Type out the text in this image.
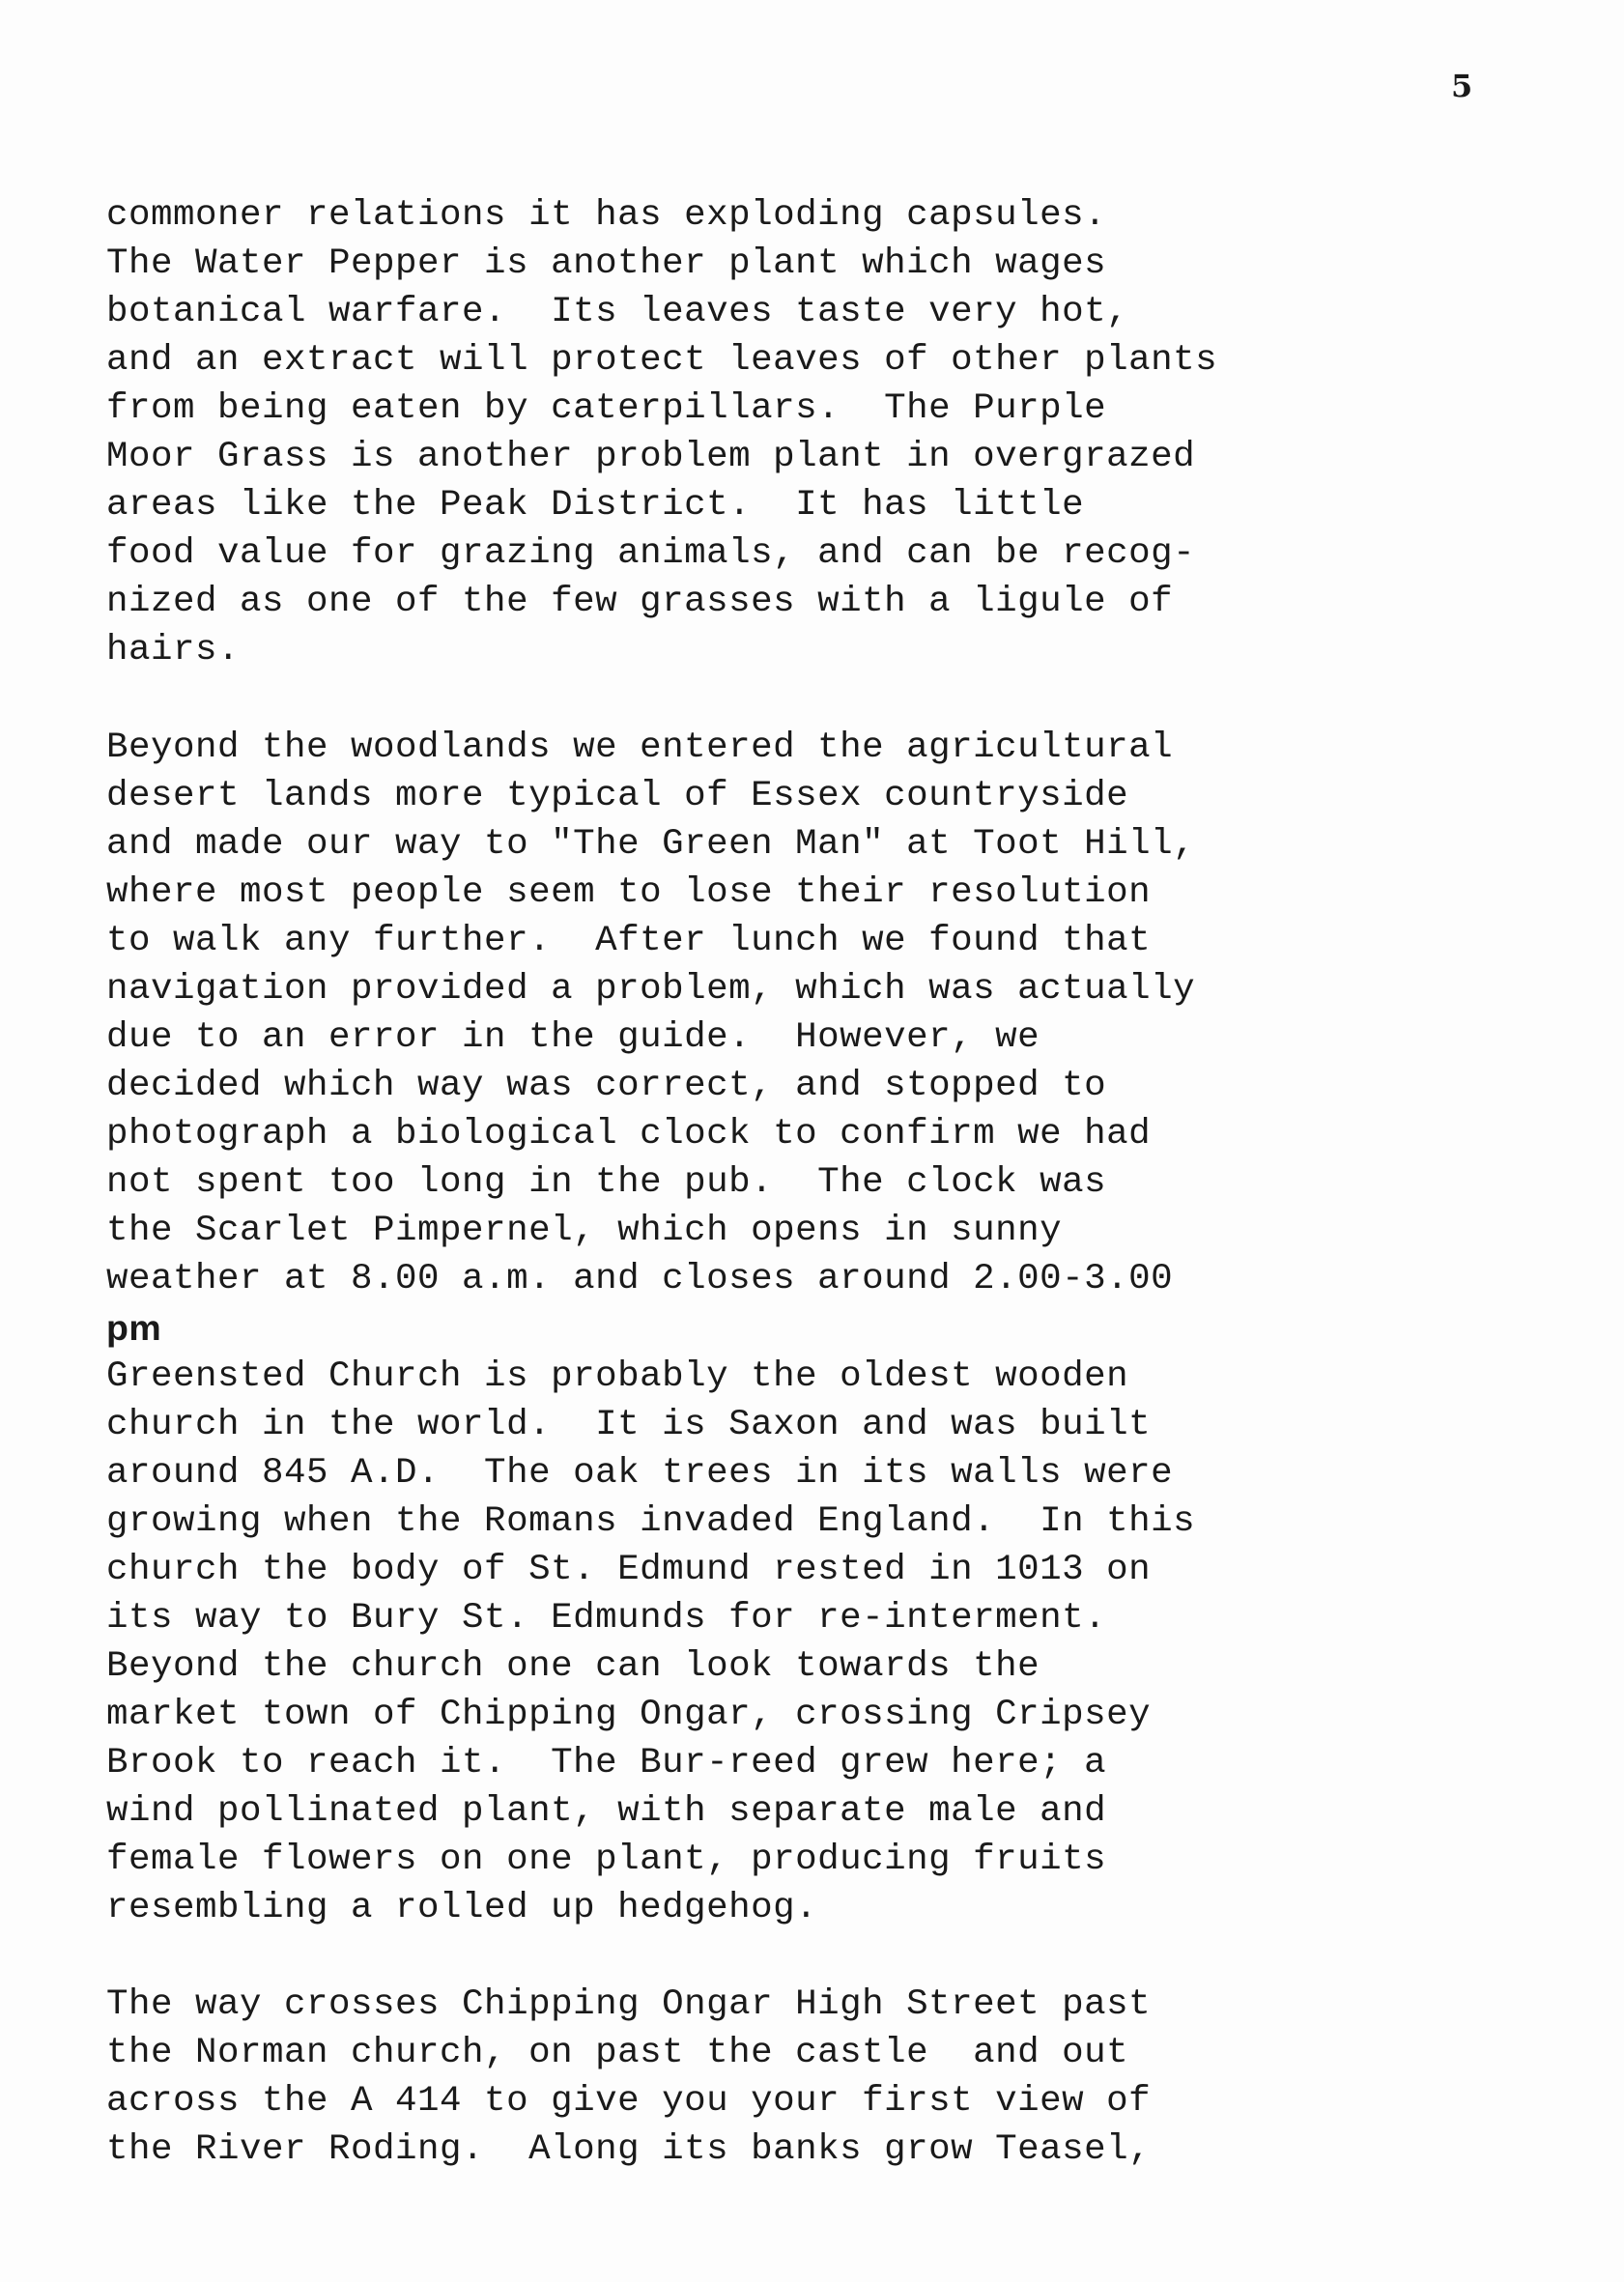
5
commoner relations it has exploding capsules.
The Water Pepper is another plant which wages
botanical warfare.  Its leaves taste very hot,
and an extract will protect leaves of other plants
from being eaten by caterpillars.  The Purple
Moor Grass is another problem plant in overgrazed
areas like the Peak District.  It has little
food value for grazing animals, and can be recog-
nized as one of the few grasses with a ligule of
hairs.
Beyond the woodlands we entered the agricultural
desert lands more typical of Essex countryside
and made our way to "The Green Man" at Toot Hill,
where most people seem to lose their resolution
to walk any further.  After lunch we found that
navigation provided a problem, which was actually
due to an error in the guide.  However, we
decided which way was correct, and stopped to
photograph a biological clock to confirm we had
not spent too long in the pub.  The clock was
the Scarlet Pimpernel, which opens in sunny
weather at 8.00 a.m. and closes around 2.00-3.00
pm
Greensted Church is probably the oldest wooden
church in the world.  It is Saxon and was built
around 845 A.D.  The oak trees in its walls were
growing when the Romans invaded England.  In this
church the body of St. Edmund rested in 1013 on
its way to Bury St. Edmunds for re-interment.
Beyond the church one can look towards the
market town of Chipping Ongar, crossing Cripsey
Brook to reach it.  The Bur-reed grew here; a
wind pollinated plant, with separate male and
female flowers on one plant, producing fruits
resembling a rolled up hedgehog.
The way crosses Chipping Ongar High Street past
the Norman church, on past the castle  and out
across the A 414 to give you your first view of
the River Roding.  Along its banks grow Teasel,
